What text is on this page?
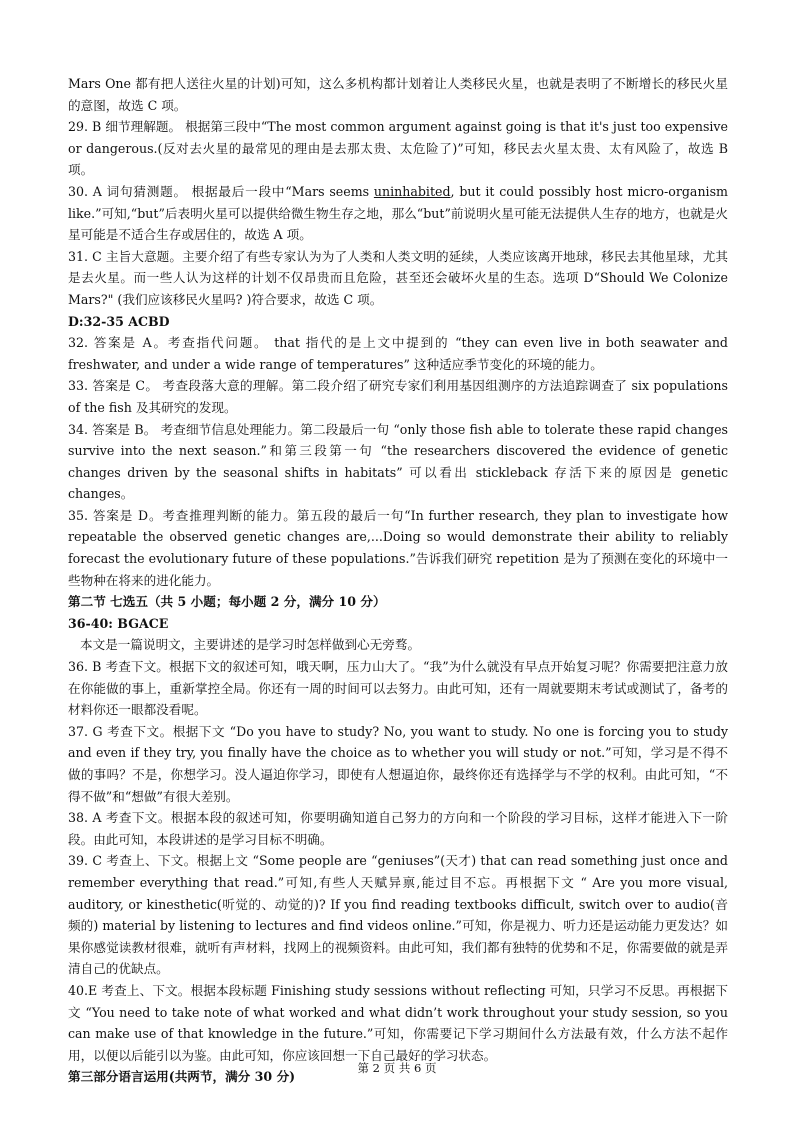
Mars One 都有把人送往火星的计划)可知，这么多机构都计划着让人类移民火星，也就是表明了不断增长的移民火星的意图，故选 C 项。

29. B 细节理解题。 根据第三段中“The most common argument against going is that it's just too expensive or dangerous.(反对去火星的最常见的理由是去那太贵、太危险了)”可知，移民去火星太贵、太有风险了，故选 B 项。

30. A 词句猜测题。 根据最后一段中“Mars seems uninhabited, but it could possibly host micro-organism like.”可知,“but”后表明火星可以提供给微生物生存之地，那么“but”前说明火星可能无法提供人生存的地方，也就是火星可能是不适合生存或居住的，故选 A 项。

31. C 主旨大意题。主要介绍了有些专家认为为了人类和人类文明的延续，人类应该离开地球，移民去其他星球，尤其是去火星。而一些人认为这样的计划不仅昂贵而且危险，甚至还会破坏火星的生态。选项 D“Should We Colonize Mars?" (我们应该移民火星吗? )符合要求，故选 C 项。

D:32-35 ACBD

32. 答案是 A。考查指代问题。 that 指代的是上文中提到的 “they can even live in both seawater and freshwater, and under a wide range of temperatures” 这种适应季节变化的环境的能力。

33. 答案是 C。 考查段落大意的理解。第二段介绍了研究专家们利用基因组测序的方法追踪调查了 six populations of the fish 及其研究的发现。

34. 答案是 B。 考查细节信息处理能力。第二段最后一句 “only those fish able to tolerate these rapid changes survive into the next season.”和第三段第一句 “the researchers discovered the evidence of genetic changes driven by the seasonal shifts in habitats” 可以看出 stickleback 存活下来的原因是 genetic changes。

35. 答案是 D。考查推理判断的能力。第五段的最后一句“In further research, they plan to investigate how repeatable the observed genetic changes are,...Doing so would demonstrate their ability to reliably forecast the evolutionary future of these populations.”告诉我们研究 repetition 是为了预测在变化的环境中一些物种在将来的进化能力。

第二节 七选五（共 5 小题；每小题 2 分，满分 10 分）

36-40: BGACE

本文是一篇说明文，主要讲述的是学习时怎样做到心无旁骛。

36. B 考查下文。根据下文的叙述可知，哦天啊，压力山大了。“我”为什么就没有早点开始复习呢？你需要把注意力放在你能做的事上，重新掌控全局。你还有一周的时间可以去努力。由此可知，还有一周就要期末考试或测试了，备考的材料你还一眼都没看呢。

37. G 考查下文。根据下文 “Do you have to study? No, you want to study. No one is forcing you to study and even if they try, you finally have the choice as to whether you will study or not.”可知，学习是不得不做的事吗？不是，你想学习。没人逼迫你学习，即使有人想逼迫你，最终你还有选择学与不学的权利。由此可知，“不得不做”和“想做”有很大差别。

38. A 考查下文。根据本段的叙述可知，你要明确知道自己努力的方向和一个阶段的学习目标，这样才能进入下一阶段。由此可知，本段讲述的是学习目标不明确。

39. C 考查上、下文。根据上文 “Some people are “geniuses”(天才) that can read something just once and remember everything that read.”可知,有些人天赋异禀,能过目不忘。再根据下文 “ Are you more visual, auditory, or kinesthetic(听觉的、动觉的)? If you find reading textbooks difficult, switch over to audio(音频的) material by listening to lectures and find videos online.”可知，你是视力、听力还是运动能力更发达？如果你感觉读教材很难，就听有声材料，找网上的视频资料。由此可知，我们都有独特的优势和不足，你需要做的就是弄清自己的优缺点。

40.E 考查上、下文。根据本段标题 Finishing study sessions without reflecting 可知，只学习不反思。再根据下文 “You need to take note of what worked and what didn’t work throughout your study session, so you can make use of that knowledge in the future.”可知，你需要记下学习期间什么方法最有效，什么方法不起作用，以便以后能引以为鉴。由此可知，你应该回想一下自己最好的学习状态。

第三部分语言运用(共两节，满分 30 分)

第 2 页 共 6 页
